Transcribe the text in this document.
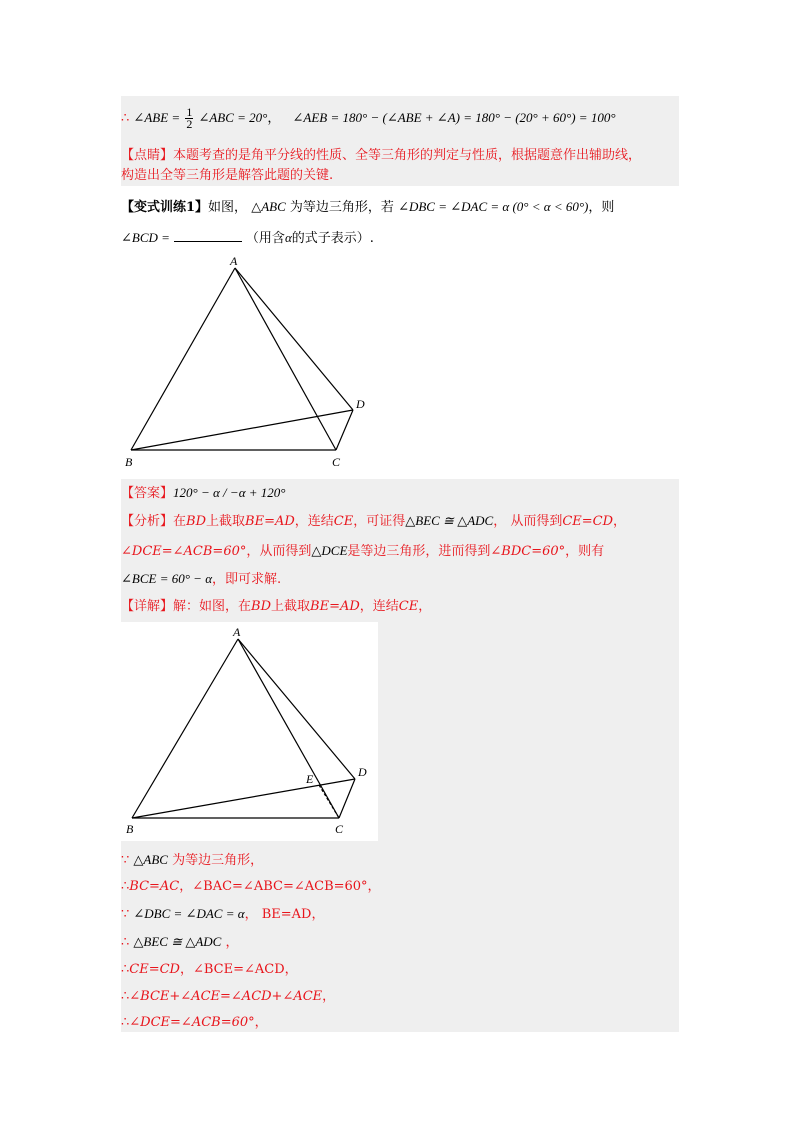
∴ ∠ABE = $\frac{1}{2}$ ∠ABC = 20°， ∠AEB = 180° − (∠ABE + ∠A) = 180° − (20° + 60°) = 100°
【点睛】本题考查的是角平分线的性质、全等三角形的判定与性质，根据题意作出辅助线，
构造出全等三角形是解答此题的关键.
【变式训练1】如图， △ABC 为等边三角形，若 ∠DBC = ∠DAC = α (0° < α < 60°)，则
∠BCD =	（用含α的式子表示）.
A
B	C
D
【答案】120° − α / −α + 120°
【分析】在BD上截取BE=AD，连结CE，可证得△BEC ≅ △ADC， 从而得到CE=CD，
∠DCE=∠ACB=60°，从而得到△DCE是等边三角形，进而得到∠BDC=60°，则有
∠BCE = 60° − α，即可求解.
【详解】解：如图，在BD上截取BE=AD，连结CE，
A
B	C
D
E
∵ △ABC 为等边三角形，
∴BC=AC，∠BAC=∠ABC=∠ACB=60°，
∵ ∠DBC = ∠DAC = α， BE=AD，
∴ △BEC ≅ △ADC ，
∴CE=CD，∠BCE=∠ACD，
∴∠BCE+∠ACE=∠ACD+∠ACE，
∴∠DCE=∠ACB=60°，
